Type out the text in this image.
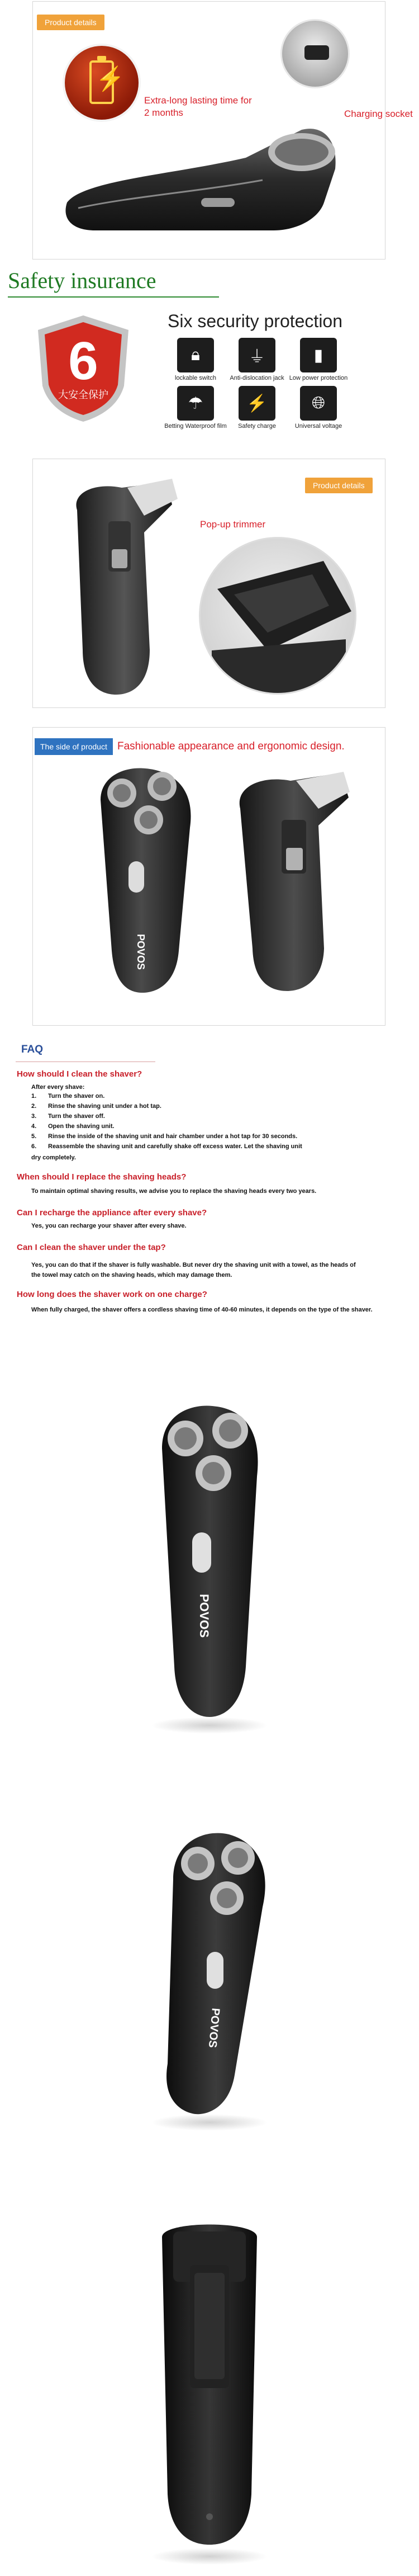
Product details
⚡
Extra-long lasting time for
2 months	Charging socket
Safety insurance
6
大安全保护
Six security protection
🔒︎
lockable switch
⏚
Anti-dislocation jack
▮
Low power protection
☂
Betting Waterproof film
⚡
Safety charge
🌐︎
Universal voltage
Product details
Pop-up trimmer
The side of product Fashionable appearance and ergonomic design.
POVOS
FAQ
How should I clean the shaver?
After every shave:
1. Turn the shaver on.
2. Rinse the shaving unit under a hot tap.
3. Turn the shaver off.
4. Open the shaving unit.
5. Rinse the inside of the shaving unit and hair chamber under a hot tap for 30 seconds.
6. Reassemble the shaving unit and carefully shake off excess water. Let the shaving unit
dry completely.
When should I replace the shaving heads?
To maintain optimal shaving results, we advise you to replace the shaving heads every two years.
Can I recharge the appliance after every shave?
Yes, you can recharge your shaver after every shave.
Can I clean the shaver under the tap?
Yes, you can do that if the shaver is fully washable. But never dry the shaving unit with a towel, as the heads of
the towel may catch on the shaving heads, which may damage them.
How long does the shaver work on one charge?
When fully charged, the shaver offers a cordless shaving time of 40-60 minutes, it depends on the type of the shaver.
POVOS
POVOS
